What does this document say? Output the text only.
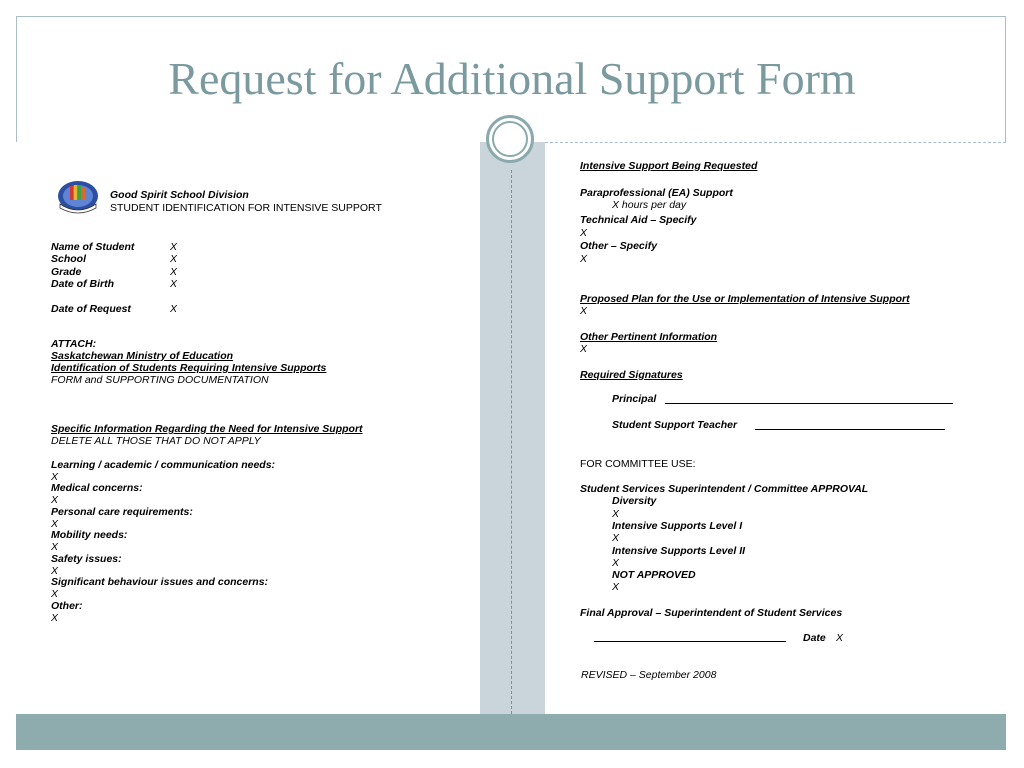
Request for Additional Support Form
Good Spirit School Division
STUDENT IDENTIFICATION FOR INTENSIVE SUPPORT
Name of Student	X
School	X
Grade	X
Date of Birth	X
Date of Request	X
ATTACH:
Saskatchewan Ministry of Education
Identification of Students Requiring Intensive Supports
FORM and SUPPORTING DOCUMENTATION
Specific Information Regarding the Need for Intensive Support
DELETE ALL THOSE THAT DO NOT APPLY
Learning / academic / communication needs:
X
Medical concerns:
X
Personal care requirements:
X
Mobility needs:
X
Safety issues:
X
Significant behaviour issues and concerns:
X
Other:
X
Intensive Support Being Requested
Paraprofessional (EA) Support
X hours per day
Technical Aid – Specify
X
Other – Specify
X
Proposed Plan for the Use or Implementation of Intensive Support
X
Other Pertinent Information
X
Required Signatures
Principal
Student Support Teacher
FOR COMMITTEE USE:
Student Services Superintendent / Committee APPROVAL
Diversity
X
Intensive Supports Level I
X
Intensive Supports Level II
X
NOT APPROVED
X
Final Approval – Superintendent of Student Services
Date X
REVISED – September 2008
